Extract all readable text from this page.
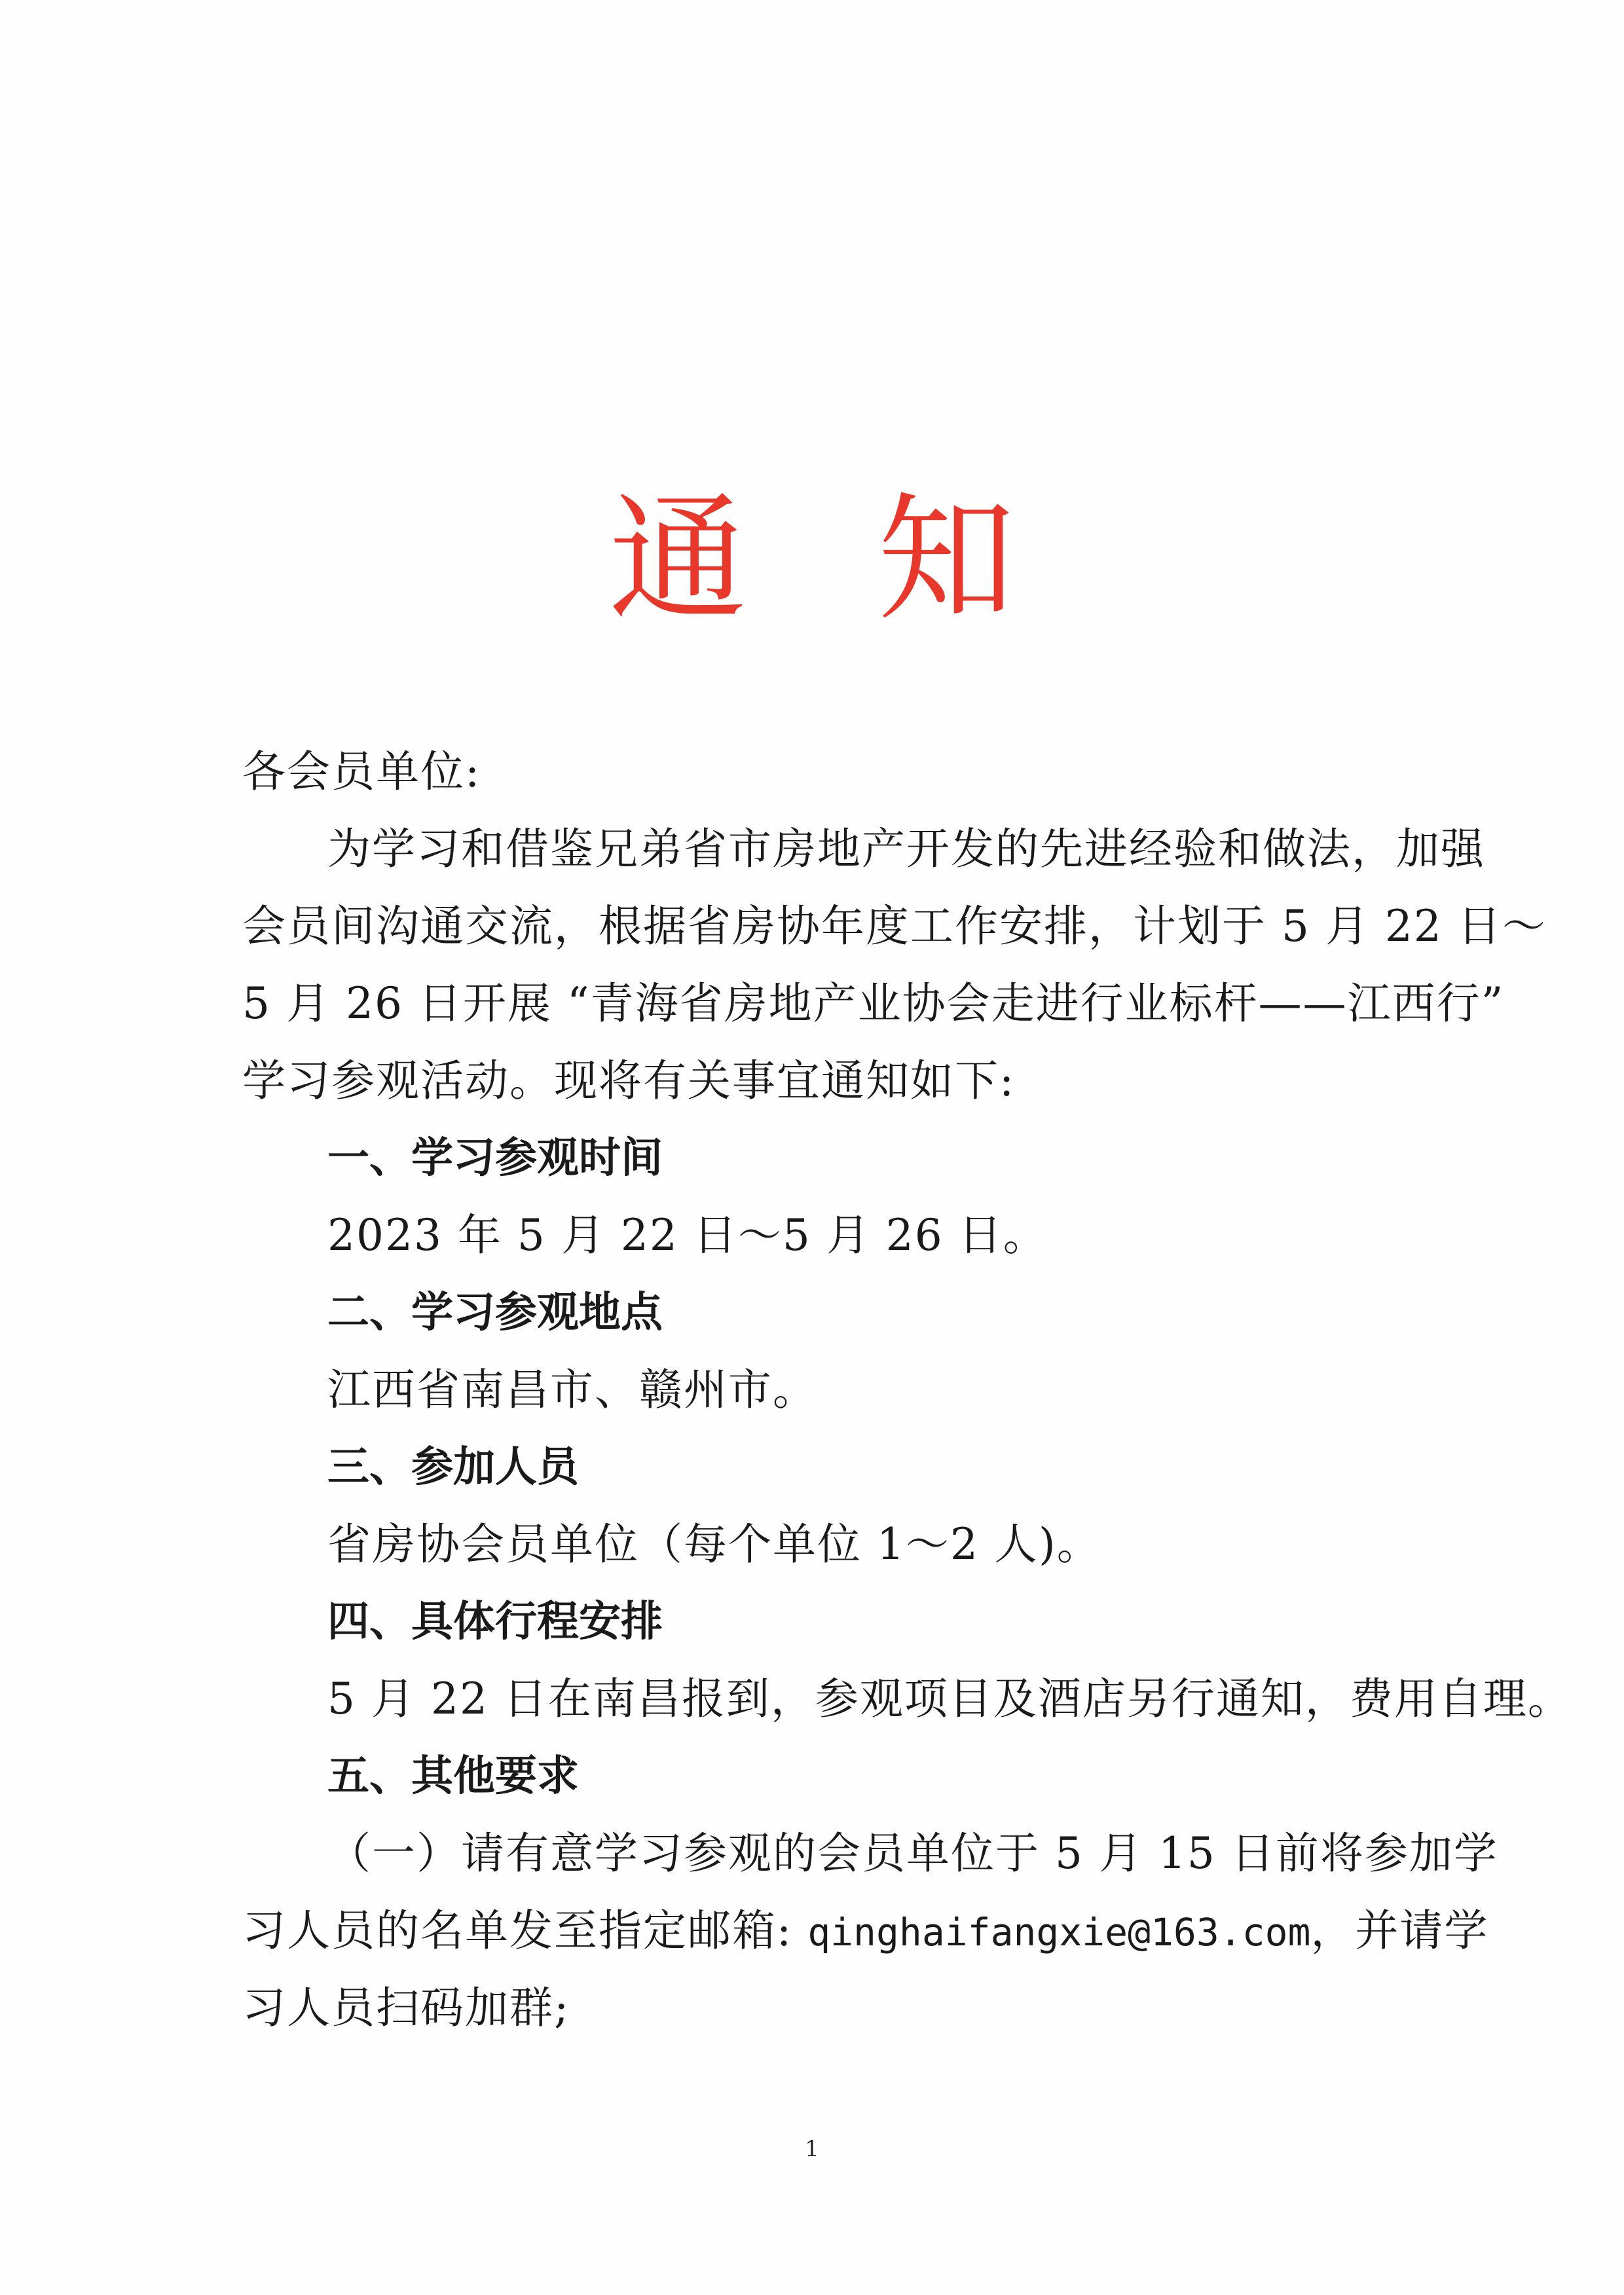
通 知
各会员单位:
为学习和借鉴兄弟省市房地产开发的先进经验和做法，加强
会员间沟通交流，根据省房协年度工作安排，计划于 5 月 22 日～
5 月 26 日开展 “青海省房地产业协会走进行业标杆——江西行”
学习参观活动。现将有关事宜通知如下:
一、学习参观时间
2023 年 5 月 22 日～5 月 26 日。
二、学习参观地点
江西省南昌市、赣州市。
三、参加人员
省房协会员单位（每个单位 1～2 人)。
四、具体行程安排
5 月 22 日在南昌报到，参观项目及酒店另行通知，费用自理。
五、其他要求
（一）请有意学习参观的会员单位于 5 月 15 日前将参加学
习人员的名单发至指定邮箱: qinghaifangxie@163.com，并请学
习人员扫码加群;
1
